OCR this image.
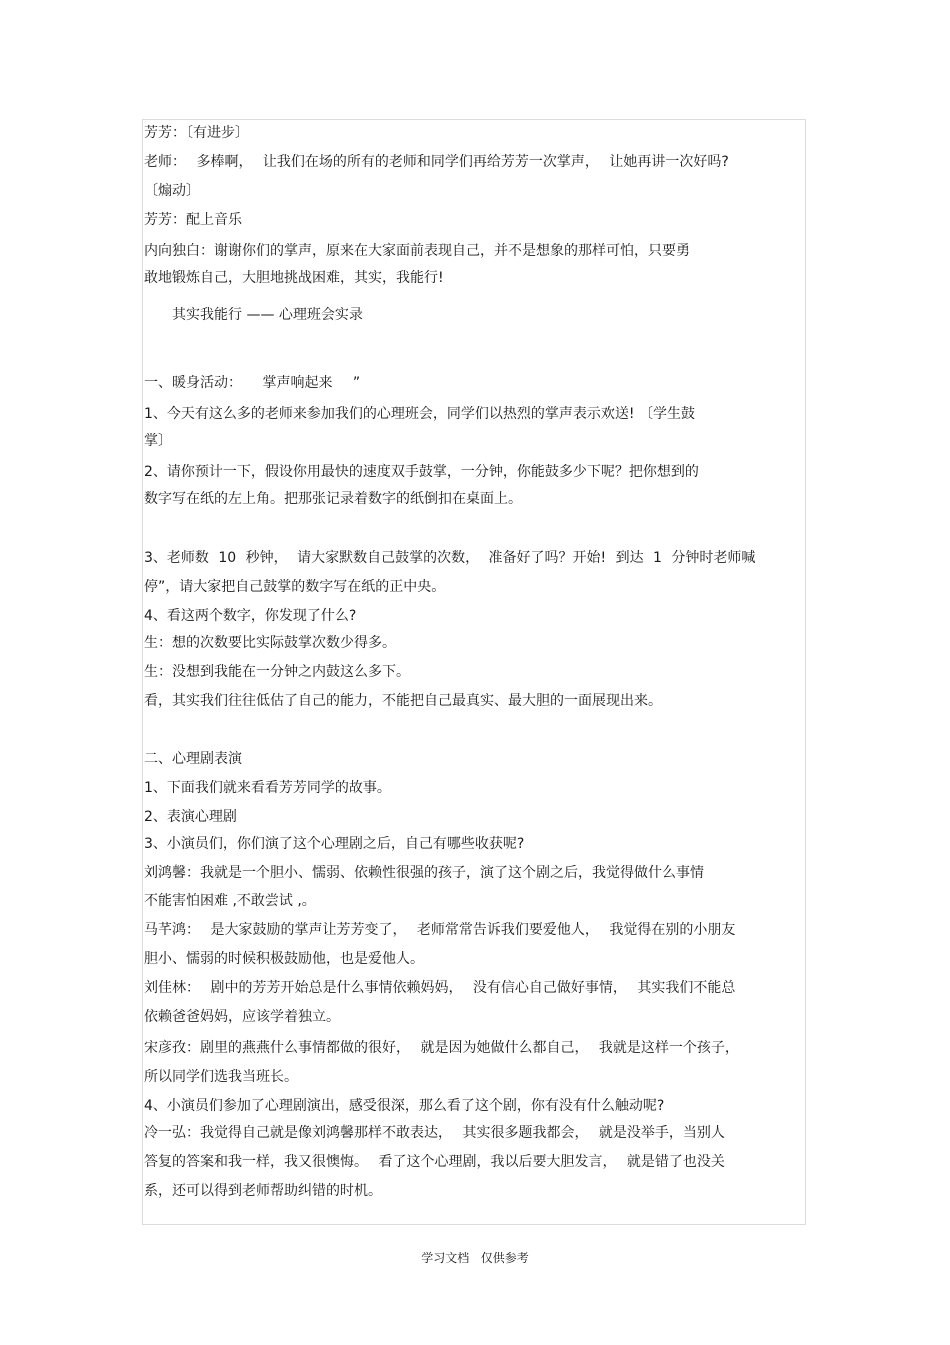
芳芳：〔有进步〕
老师： 多棒啊， 让我们在场的所有的老师和同学们再给芳芳一次掌声， 让她再讲一次好吗?
〔煽动〕
芳芳：配上音乐
内向独白：谢谢你们的掌声，原来在大家面前表现自己，并不是想象的那样可怕，只要勇
敢地锻炼自己，大胆地挑战困难，其实，我能行!
其实我能行 —— 心理班会实录
一、暖身活动： 掌声响起来 ”
1、今天有这么多的老师来参加我们的心理班会，同学们以热烈的掌声表示欢送! 〔学生鼓
掌〕
2、请你预计一下，假设你用最快的速度双手鼓掌，一分钟，你能鼓多少下呢？把你想到的
数字写在纸的左上角。把那张记录着数字的纸倒扣在桌面上。
3、老师数 10 秒钟， 请大家默数自己鼓掌的次数， 准备好了吗？开始! 到达 1 分钟时老师喊
停”，请大家把自己鼓掌的数字写在纸的正中央。
4、看这两个数字，你发现了什么?
生：想的次数要比实际鼓掌次数少得多。
生：没想到我能在一分钟之内鼓这么多下。
看，其实我们往往低估了自己的能力，不能把自己最真实、最大胆的一面展现出来。
二、心理剧表演
1、下面我们就来看看芳芳同学的故事。
2、表演心理剧
3、小演员们，你们演了这个心理剧之后，自己有哪些收获呢?
刘鸿馨：我就是一个胆小、懦弱、依赖性很强的孩子，演了这个剧之后，我觉得做什么事情
不能害怕困难 ,不敢尝试 ,。
马芊鸿： 是大家鼓励的掌声让芳芳变了， 老师常常告诉我们要爱他人， 我觉得在别的小朋友
胆小、懦弱的时候积极鼓励他，也是爱他人。
刘佳林： 剧中的芳芳开始总是什么事情依赖妈妈， 没有信心自己做好事情， 其实我们不能总
依赖爸爸妈妈，应该学着独立。
宋彦孜：剧里的燕燕什么事情都做的很好， 就是因为她做什么都自己， 我就是这样一个孩子，
所以同学们选我当班长。
4、小演员们参加了心理剧演出，感受很深，那么看了这个剧，你有没有什么触动呢?
冷一弘：我觉得自己就是像刘鸿馨那样不敢表达， 其实很多题我都会， 就是没举手，当别人
答复的答案和我一样，我又很懊悔。 看了这个心理剧，我以后要大胆发言， 就是错了也没关
系，还可以得到老师帮助纠错的时机。
学习文档   仅供参考
